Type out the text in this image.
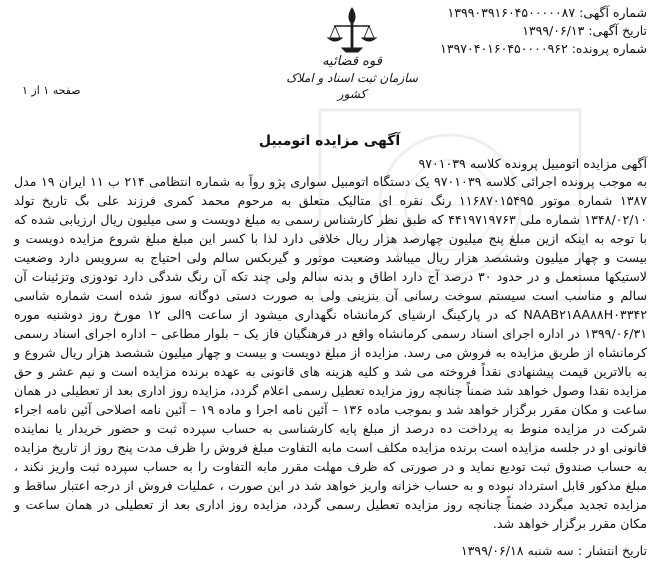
شماره آگهی: ۱۳۹۹۰۳۹۱۶۰۴۵۰۰۰۰۰۸۷
تاریخ آگهی: ۱۳۹۹/۰۶/۱۳
شماره پرونده: ۱۳۹۷۰۴۰۱۶۰۴۵۰۰۰۰۹۶۲
قوه قضائیه
سازمان ثبت اسناد و املاک کشور
صفحه ۱ از ۱
آگهی مزایده اتومبیل
آگهی مزایده اتومبیل پرونده کلاسه ۹۷۰۱۰۳۹
به موجب پرونده اجرائی کلاسه ۹۷۰۱۰۳۹ یک دستگاه اتومبیل سواری پژو روآ به شماره انتظامی ۲۱۴ ب ۱۱ ایران ۱۹ مدل ۱۳۸۷ شماره موتور ۱۱۶۸۷۰۱۵۴۹۵ رنگ نقره ای متالیک متعلق به مرحوم محمد کمری فرزند علی بگ تاریخ تولد ۱۳۴۸/۰۲/۱۰ شماره ملی ۴۴۱۹۷۱۹۷۶۳ که طبق نظر کارشناس رسمی به مبلغ دویست و سی میلیون ریال ارزیابی شده که با توجه به اینکه ازین مبلغ پنج میلیون چهارصد هزار ریال خلافی دارد لذا با کسر این مبلغ مبلغ شروع مزایده دویست و بیست و چهار میلیون وششصد هزار ریال میباشد وضعیت موتور و گیربکس سالم ولی احتیاج به سرویس دارد وضعیت لاستیکها مستعمل و در حدود ۳۰ درصد آج دارد اطاق و بدنه سالم ولی چند تکه آن رنگ شدگی دارد تودوزی وتزئینات آن سالم و مناسب است سیستم سوخت رسانی آن بنزینی ولی به صورت دستی دوگانه سوز شده است شماره شاسی NAAB۲۱AA۸۸H۰۳۳۴۲ که در پارکینگ ارشیای کرمانشاه نگهداری میشود از ساعت ۹الی ۱۲ مورخ روز دوشنبه موره ۱۳۹۹/۰۶/۳۱ در اداره اجرای اسناد رسمی کرمانشاه واقع در فرهنگیان فاز یک – بلوار مطاعی – اداره اجرای اسناد رسمی کرمانشاه از طریق مزایده به فروش می رسد. مزایده از مبلغ دویست و بیست و چهار میلیون ششصد هزار ریال شروع و به بالاترین قیمت پیشنهادی نقداً فروخته می شد و کلیه هزینه های قانونی به عهده برنده مزایده است و نیم عشر و حق مزایده نقدا وصول خواهد شد ضمناً چنانچه روز مزایده تعطیل رسمی اعلام گردد، مزایده روز اداری بعد از تعطیلی در همان ساعت و مکان مقرر برگزار خواهد شد و بموجب ماده ۱۳۶ – آئین نامه اجرا و ماده ۱۹ – آئین نامه اصلاحی آئین نامه اجراء شرکت در مزایده منوط به پرداخت ده درصد از مبلغ پایه کارشناسی به حساب سپرده ثبت و حضور خریدار یا نماینده قانونی او در جلسه مزایده است برنده مزایده مکلف است مابه التفاوت مبلغ فروش را ظرف مدت پنج روز از تاریخ مزایده به حساب صندوق ثبت تودیع نماید و در صورتی که ظرف مهلت مقرر مابه التفاوت را به حساب سپرده ثبت واریز نکند ، مبلغ مذکور قابل استرداد نبوده و به حساب خزانه واریز خواهد شد در این صورت ، عملیات فروش از درجه اعتبار ساقط و مزایده تجدید میگردد ضمناً چنانچه روز مزایده تعطیل رسمی گردد، مزایده روز اداری بعد از تعطیلی در همان ساعت و مکان مقرر برگزار خواهد شد.
تاریخ انتشار : سه شنبه ۱۳۹۹/۰۶/۱۸
